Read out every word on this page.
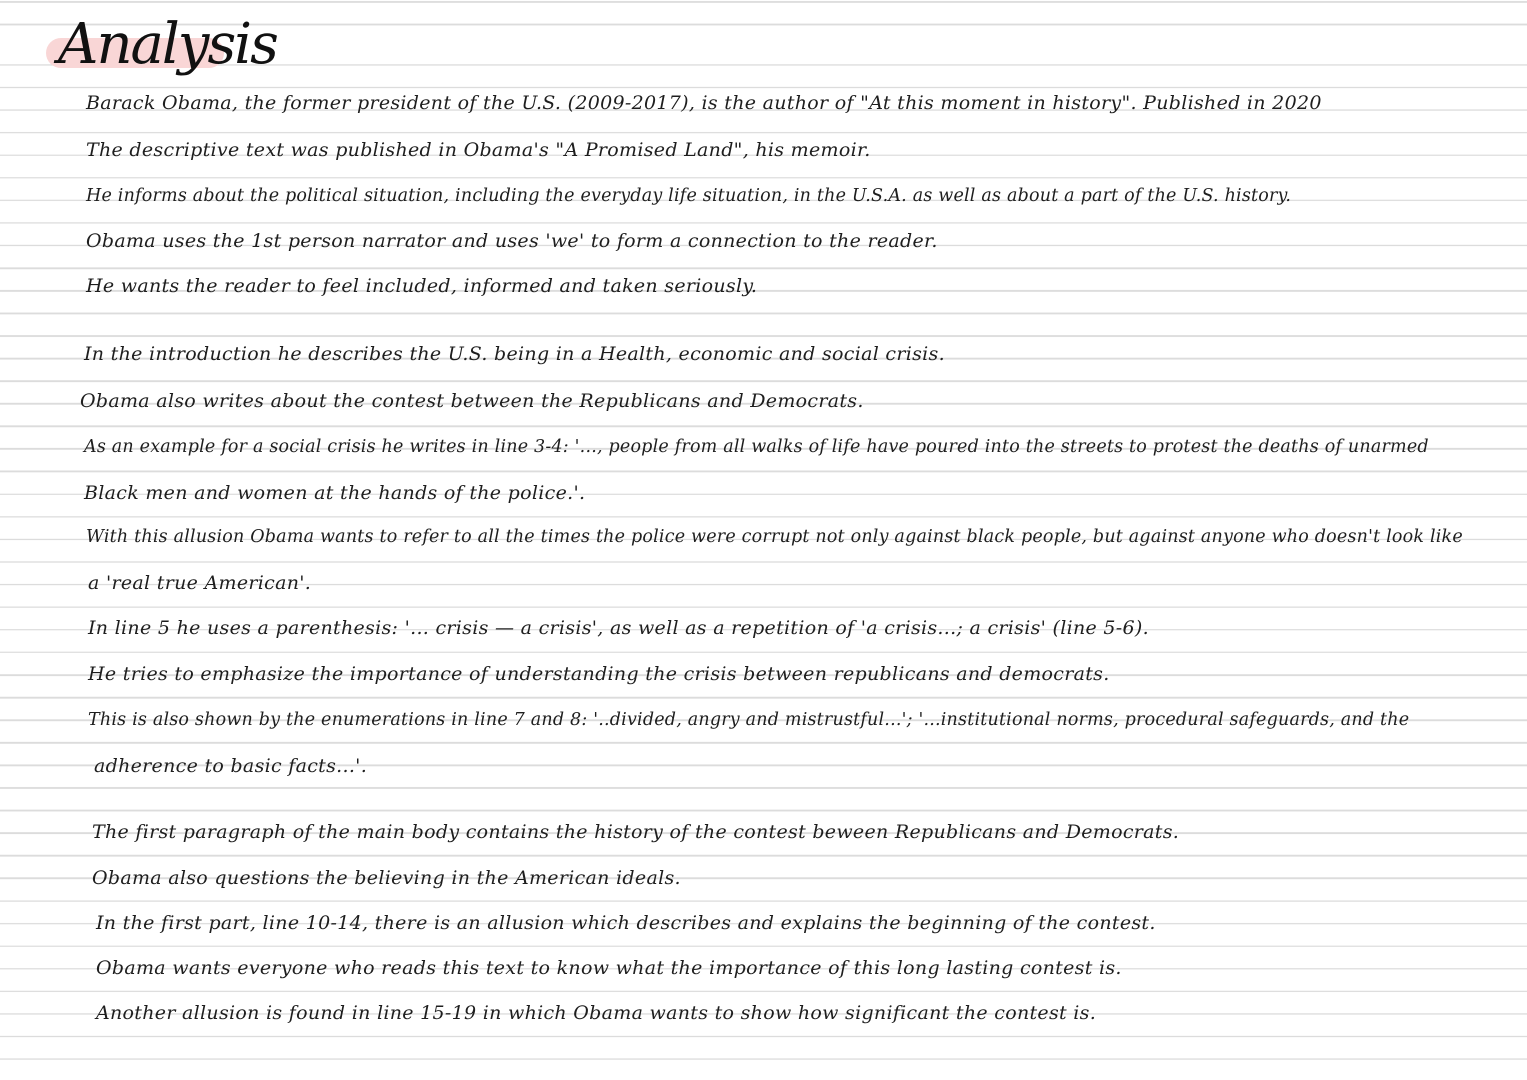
Analysis
Barack Obama, the former president of the U.S. (2009-2017), is the author of "At this moment in history". Published in 2020
The descriptive text was published in Obama's "A Promised Land", his memoir.
He informs about the political situation, including the everyday life situation, in the U.S.A. as well as about a part of the U.S. history.
Obama uses the 1st person narrator and uses 'we' to form a connection to the reader.
He wants the reader to feel included, informed and taken seriously.
In the introduction he describes the U.S. being in a Health, economic and social crisis.
Obama also writes about the contest between the Republicans and Democrats.
As an example for a social crisis he writes in line 3-4: '..., people from all walks of life have poured into the streets to protest the deaths of unarmed
Black men and women at the hands of the police.'.
With this allusion Obama wants to refer to all the times the police were corrupt not only against black people, but against anyone who doesn't look like
a 'real true American'.
In line 5 he uses a parenthesis: '... crisis — a crisis', as well as a repetition of 'a crisis...; a crisis' (line 5-6).
He tries to emphasize the importance of understanding the crisis between republicans and democrats.
This is also shown by the enumerations in line 7 and 8: '..divided, angry and mistrustful...'; '...institutional norms, procedural safeguards, and the
adherence to basic facts...'.
The first paragraph of the main body contains the history of the contest beween Republicans and Democrats.
Obama also questions the believing in the American ideals.
In the first part, line 10-14, there is an allusion which describes and explains the beginning of the contest.
Obama wants everyone who reads this text to know what the importance of this long lasting contest is.
Another allusion is found in line 15-19 in which Obama wants to show how significant the contest is.
